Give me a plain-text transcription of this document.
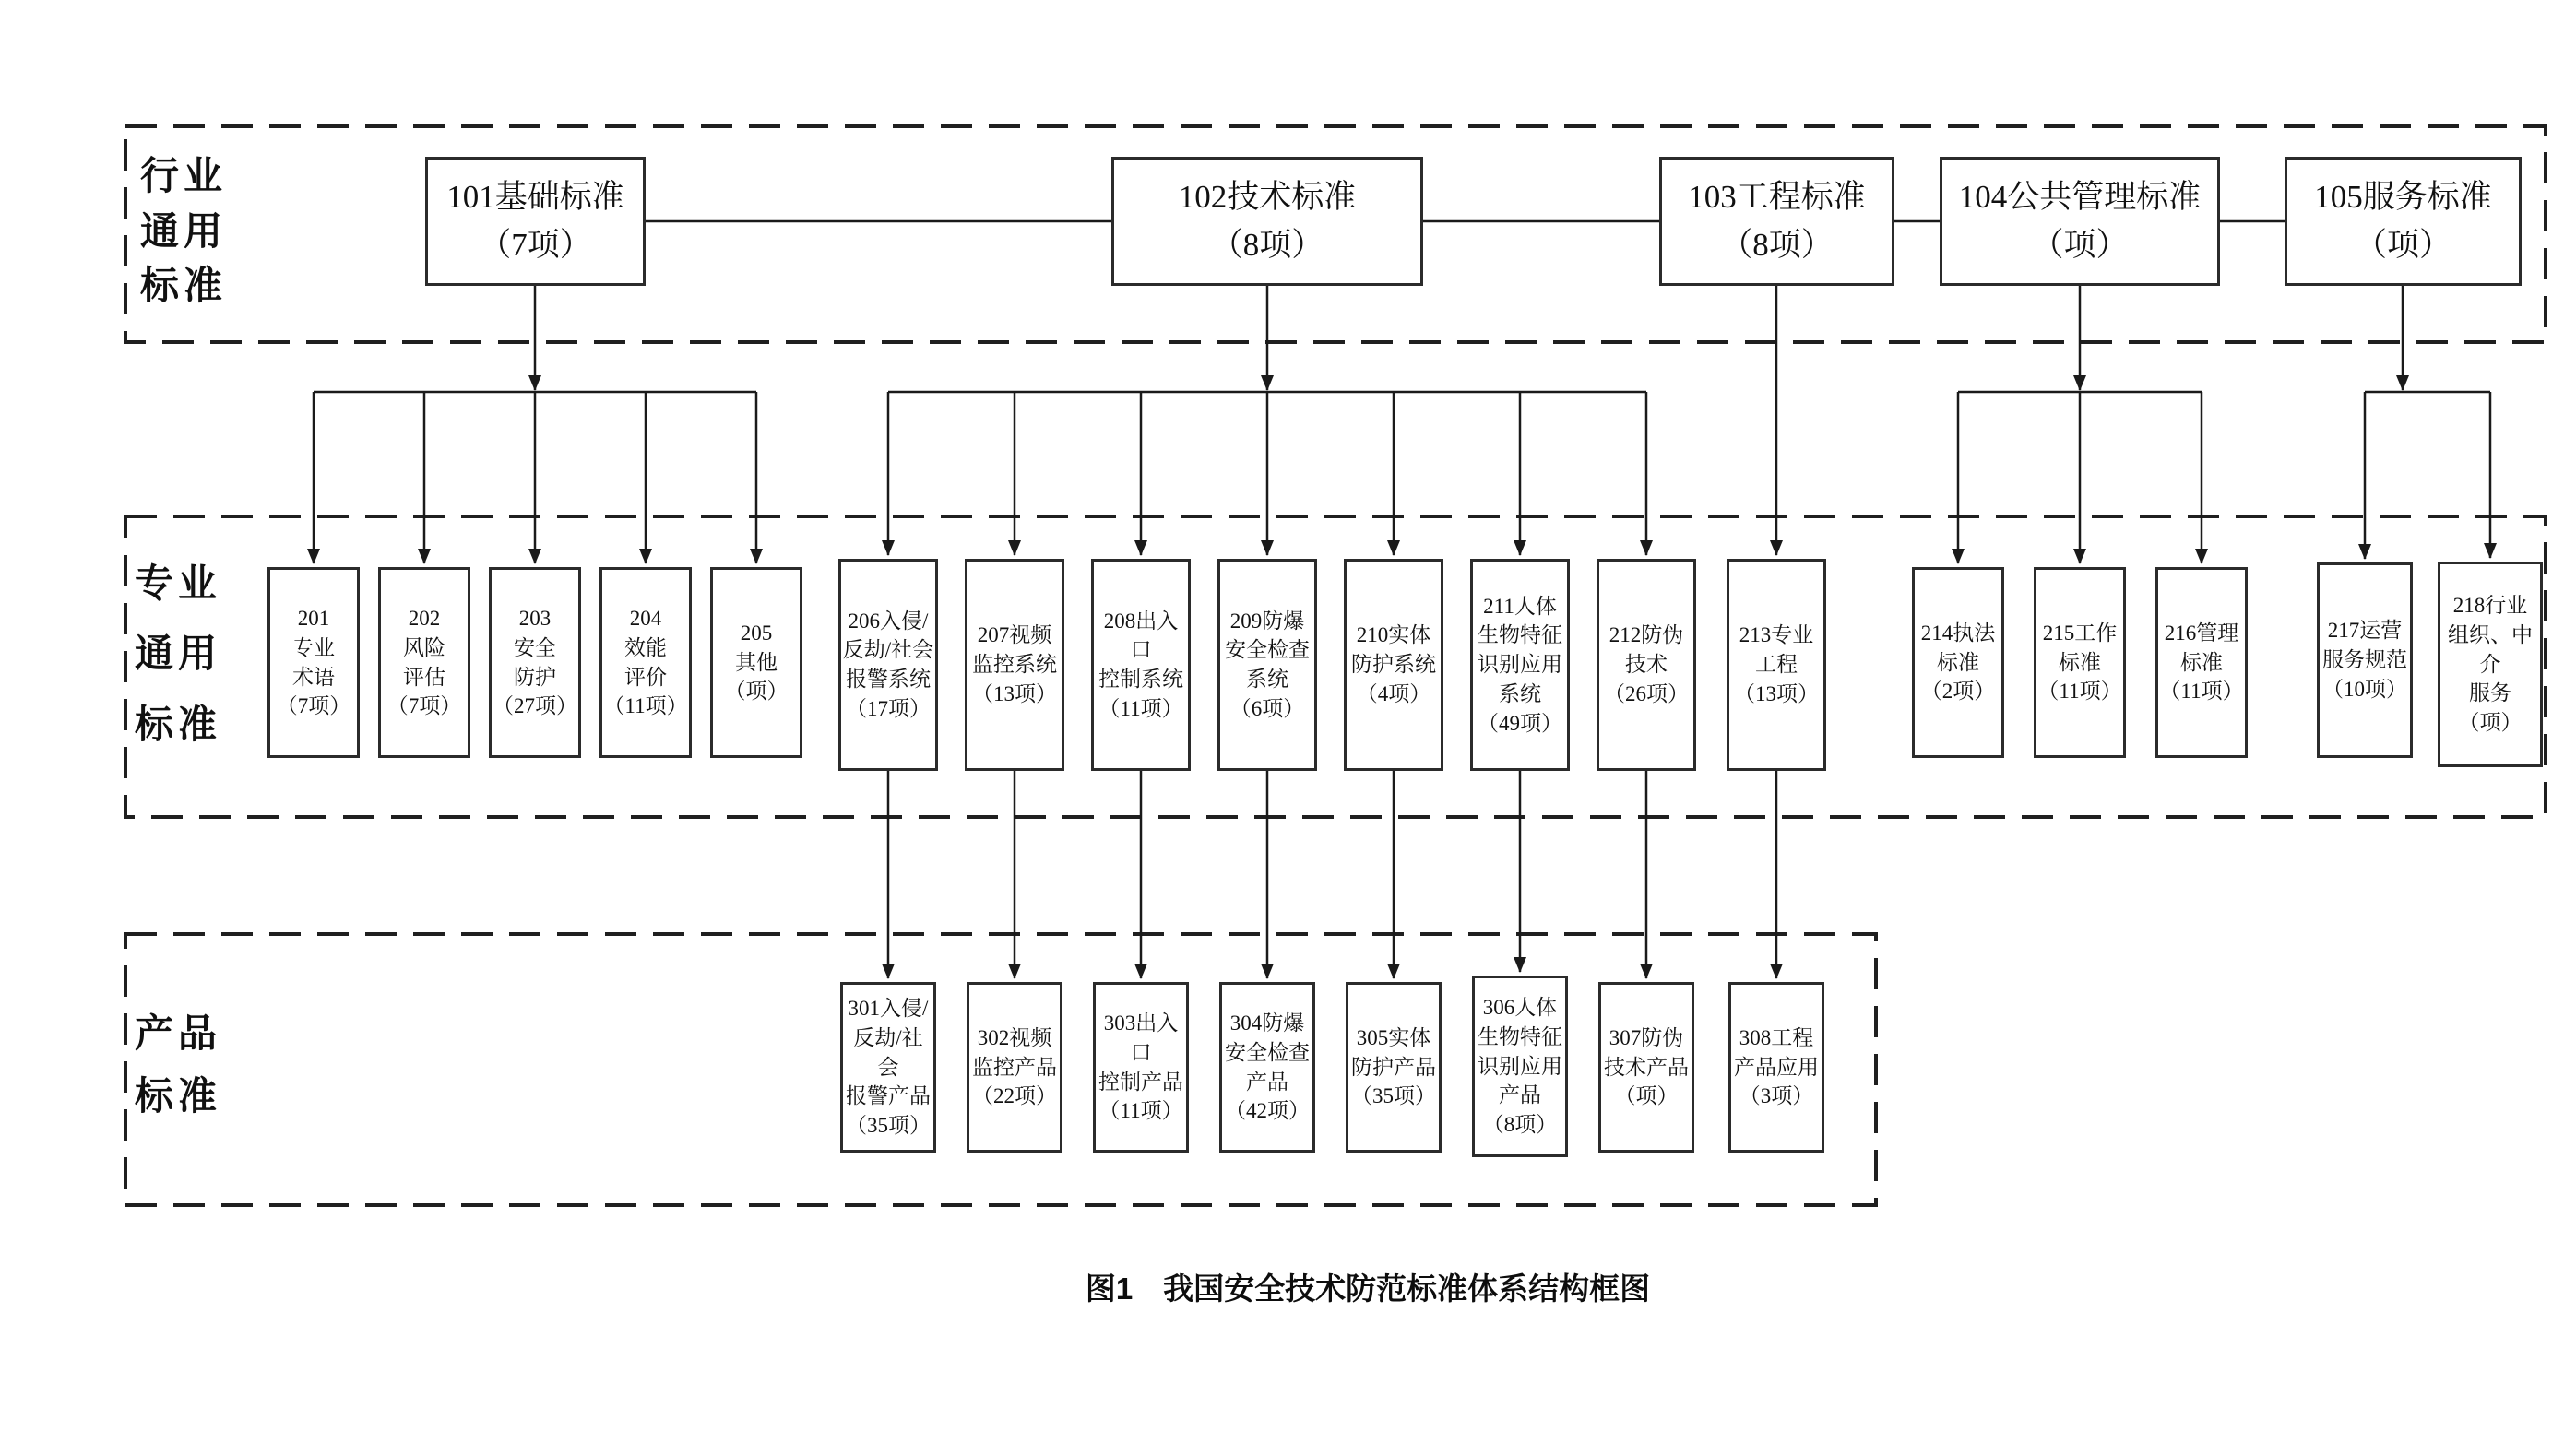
行业
通用
标准
专业
通用
标准
产品
标准
101基础标准
（7项）
102技术标准
（8项）
103工程标准
（8项）
104公共管理标准
（项）
105服务标准
（项）
201
专业
术语
（7项）
202
风险
评估
（7项）
203
安全
防护
（27项）
204
效能
评价
（11项）
205
其他
（项）
206入侵/
反劫/社会
报警系统
（17项）
207视频
监控系统
（13项）
208出入口
控制系统
（11项）
209防爆
安全检查
系统
（6项）
210实体
防护系统
（4项）
211人体
生物特征
识别应用
系统
（49项）
212防伪
技术
（26项）
213专业
工程
（13项）
214执法
标准
（2项）
215工作
标准
（11项）
216管理
标准
（11项）
217运营
服务规范
（10项）
218行业
组织、中介
服务
（项）
301入侵/
反劫/社会
报警产品
（35项）
302视频
监控产品
（22项）
303出入口
控制产品
（11项）
304防爆
安全检查
产品
（42项）
305实体
防护产品
（35项）
306人体
生物特征
识别应用
产品
（8项）
307防伪
技术产品
（项）
308工程
产品应用
（3项）
图1　我国安全技术防范标准体系结构框图
